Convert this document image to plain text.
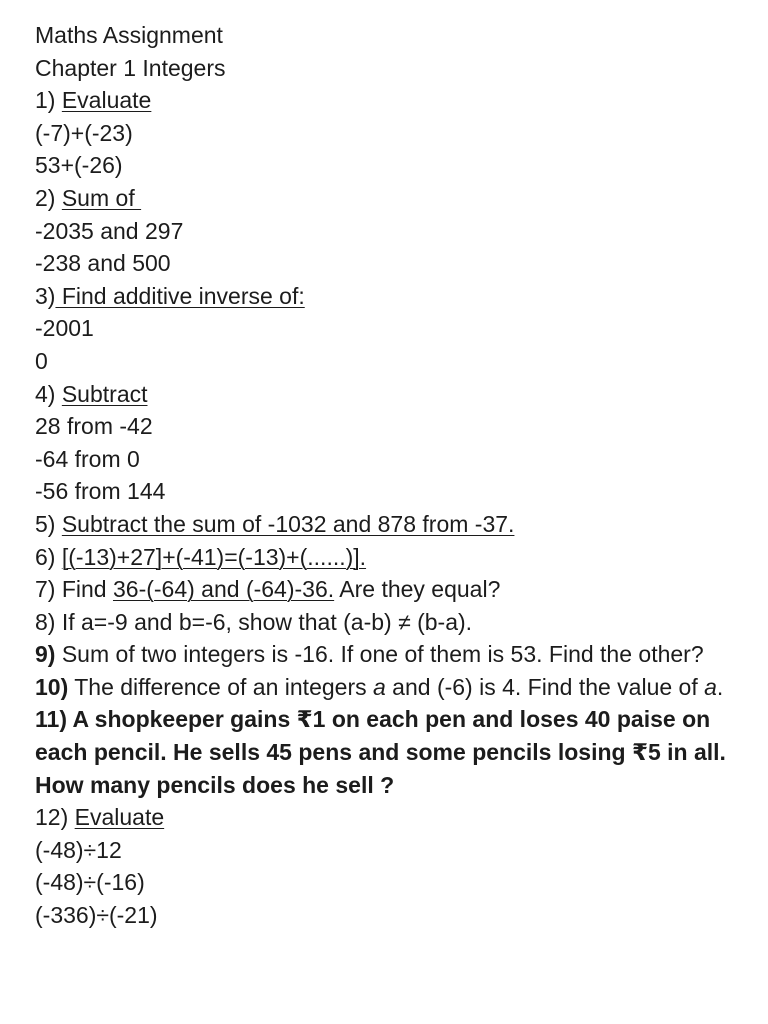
Maths Assignment
Chapter 1 Integers
1) Evaluate
(-7)+(-23)
53+(-26)
2) Sum of
-2035 and 297
-238 and 500
3) Find additive inverse of:
-2001
0
4) Subtract
28 from -42
-64 from 0
-56 from 144
5) Subtract the sum of -1032 and 878 from -37.
6) [(-13)+27]+(-41)=(-13)+(......)].
7) Find 36-(-64) and (-64)-36. Are they equal?
8) If a=-9 and b=-6, show that (a-b) ≠ (b-a).
9) Sum of two integers is -16. If one of them is 53. Find the other?
10) The difference of an integers a and (-6) is 4. Find the value of a.
11) A shopkeeper gains ₹1 on each pen and loses 40 paise on each pencil. He sells 45 pens and some pencils losing ₹5 in all. How many pencils does he sell ?
12) Evaluate
(-48)÷12
(-48)÷(-16)
(-336)÷(-21)
